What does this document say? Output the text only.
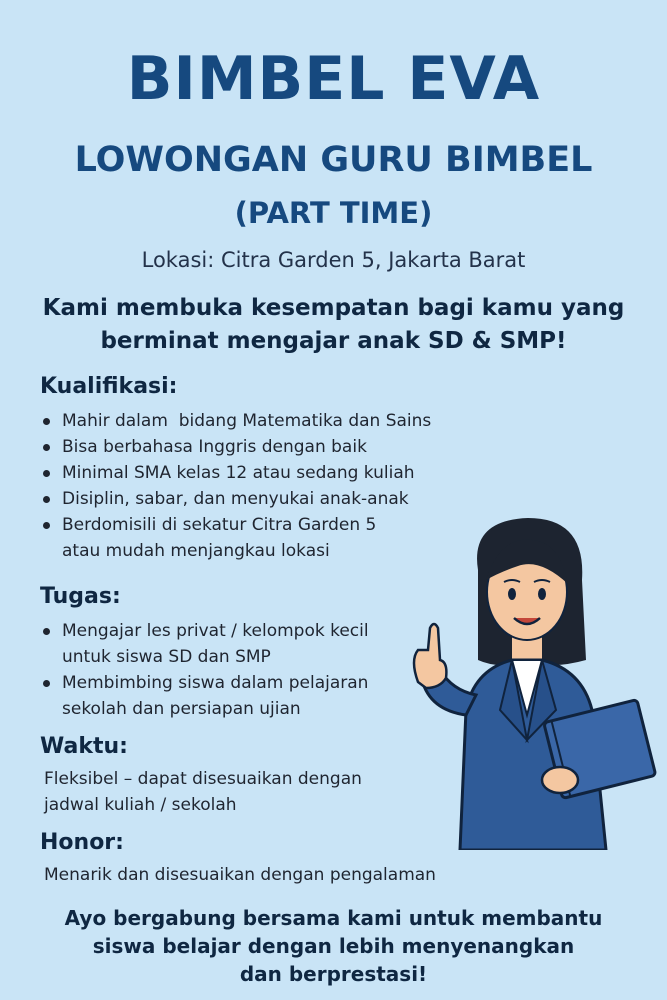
BIMBEL EVA
LOWONGAN GURU BIMBEL
(PART TIME)
Lokasi: Citra Garden 5, Jakarta Barat
Kami membuka kesempatan bagi kamu yang
berminat mengajar anak SD & SMP!
Kualifikasi:
Mahir dalam  bidang Matematika dan Sains
Bisa berbahasa Inggris dengan baik
Minimal SMA kelas 12 atau sedang kuliah
Disiplin, sabar, dan menyukai anak-anak
Berdomisili di sekatur Citra Garden 5
atau mudah menjangkau lokasi
Tugas:
Mengajar les privat / kelompok kecil
untuk siswa SD dan SMP
Membimbing siswa dalam pelajaran
sekolah dan persiapan ujian
Waktu:
Fleksibel – dapat disesuaikan dengan
jadwal kuliah / sekolah
Honor:
Menarik dan disesuaikan dengan pengalaman
Ayo bergabung bersama kami untuk membantu
siswa belajar dengan lebih menyenangkan
dan berprestasi!
